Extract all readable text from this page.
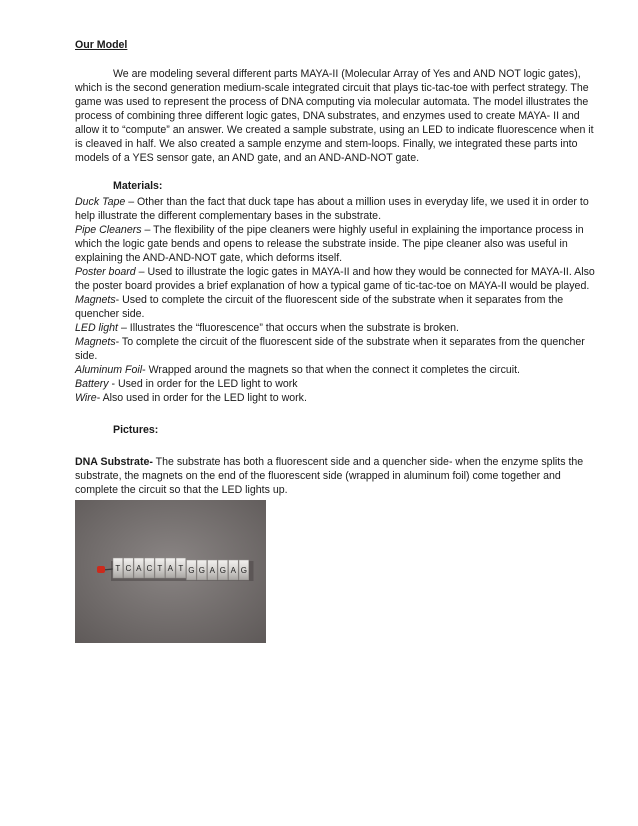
Our Model

We are modeling several different parts MAYA-II (Molecular Array of Yes and AND NOT logic gates), which is the second generation medium-scale integrated circuit that plays tic-tac-toe with perfect strategy. The game was used to represent the process of DNA computing via molecular automata. The model illustrates the process of combining three different logic gates, DNA substrates, and enzymes used to create MAYA- II and allow it to “compute” an answer. We created a sample substrate, using an LED to indicate fluorescence when it is cleaved in half. We also created a sample enzyme and stem-loops. Finally, we integrated these parts into models of a YES sensor gate, an AND gate, and an AND-AND-NOT gate.

Materials:

Duck Tape – Other than the fact that duck tape has about a million uses in everyday life, we used it in order to help illustrate the different complementary bases in the substrate.

Pipe Cleaners – The flexibility of the pipe cleaners were highly useful in explaining the importance process in which the logic gate bends and opens to release the substrate inside. The pipe cleaner also was useful in explaining the AND-AND-NOT gate, which deforms itself.

Poster board – Used to illustrate the logic gates in MAYA-II and how they would be connected for MAYA-II. Also the poster board provides a brief explanation of how a typical game of tic-tac-toe on MAYA-II would be played.

Magnets- Used to complete the circuit of the fluorescent side of the substrate when it separates from the quencher side.

LED light – Illustrates the “fluorescence” that occurs when the substrate is broken.

Magnets- To complete the circuit of the fluorescent side of the substrate when it separates from the quencher side.

Aluminum Foil- Wrapped around the magnets so that when the connect it completes the circuit.

Battery - Used in order for the LED light to work

Wire- Also used in order for the LED light to work.

Pictures:

DNA Substrate- The substrate has both a fluorescent side and a quencher side- when the enzyme splits the substrate, the magnets on the end of the fluorescent side (wrapped in aluminum foil) come together and complete the circuit so that the LED lights up.

T C A C T A T G G A G A G
